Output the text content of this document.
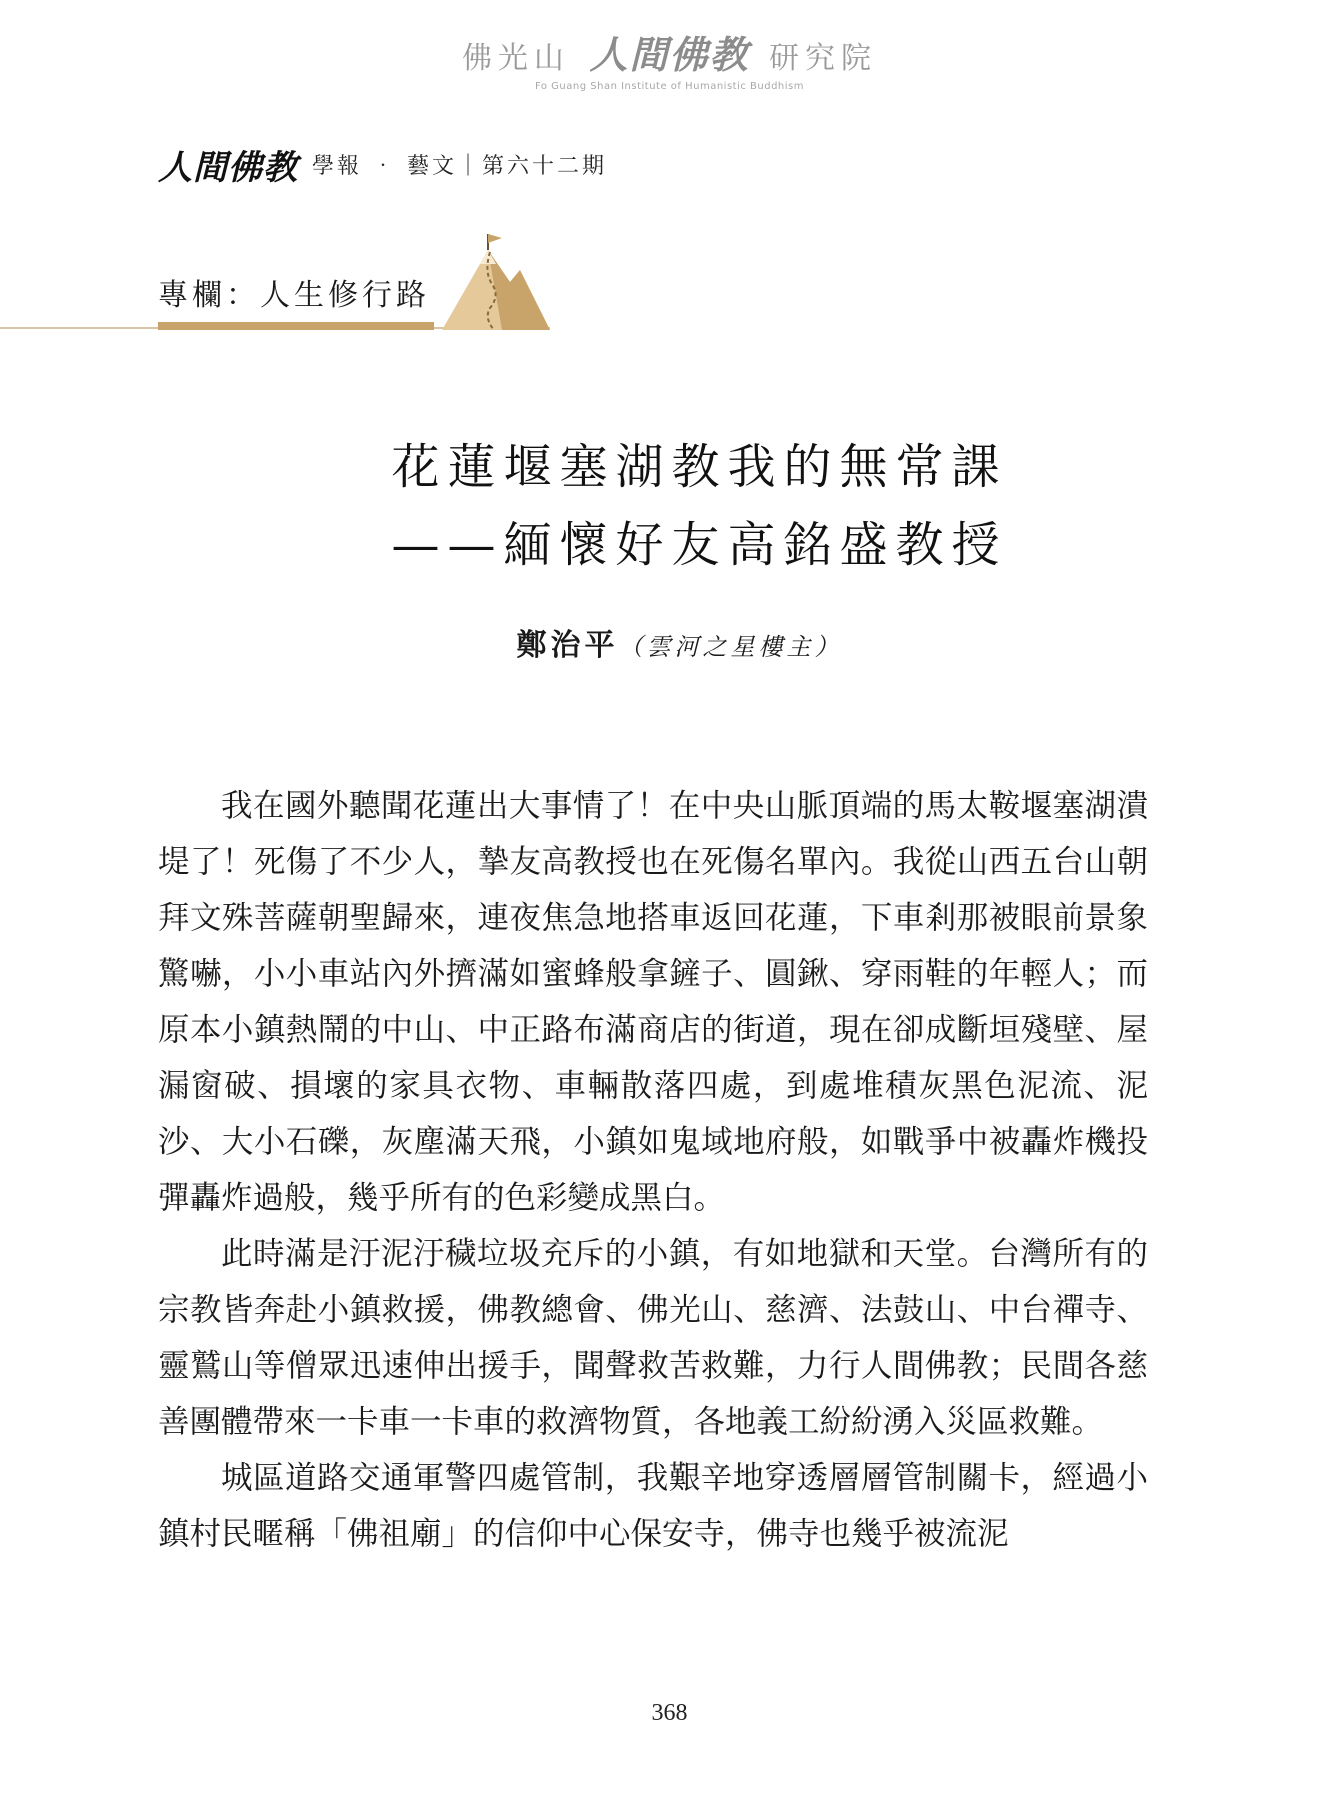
佛光山 人間佛教 研究院
Fo Guang Shan Institute of Humanistic Buddhism
人間佛教 學報 ‧ 藝文｜第六十二期
專欄：人生修行路
花蓮堰塞湖教我的無常課
——緬懷好友高銘盛教授
鄭治平（雲河之星樓主）

我在國外聽聞花蓮出大事情了！在中央山脈頂端的馬太鞍堰塞湖潰堤了！死傷了不少人，摯友高教授也在死傷名單內。我從山西五台山朝拜文殊菩薩朝聖歸來，連夜焦急地搭車返回花蓮，下車剎那被眼前景象驚嚇，小小車站內外擠滿如蜜蜂般拿鏟子、圓鍬、穿雨鞋的年輕人；而原本小鎮熱鬧的中山、中正路布滿商店的街道，現在卻成斷垣殘壁、屋漏窗破、損壞的家具衣物、車輛散落四處，到處堆積灰黑色泥流、泥沙、大小石礫，灰塵滿天飛，小鎮如鬼域地府般，如戰爭中被轟炸機投彈轟炸過般，幾乎所有的色彩變成黑白。

此時滿是汙泥汙穢垃圾充斥的小鎮，有如地獄和天堂。台灣所有的宗教皆奔赴小鎮救援，佛教總會、佛光山、慈濟、法鼓山、中台禪寺、靈鷲山等僧眾迅速伸出援手，聞聲救苦救難，力行人間佛教；民間各慈善團體帶來一卡車一卡車的救濟物質，各地義工紛紛湧入災區救難。

城區道路交通軍警四處管制，我艱辛地穿透層層管制關卡，經過小鎮村民暱稱「佛祖廟」的信仰中心保安寺，佛寺也幾乎被流泥

368
